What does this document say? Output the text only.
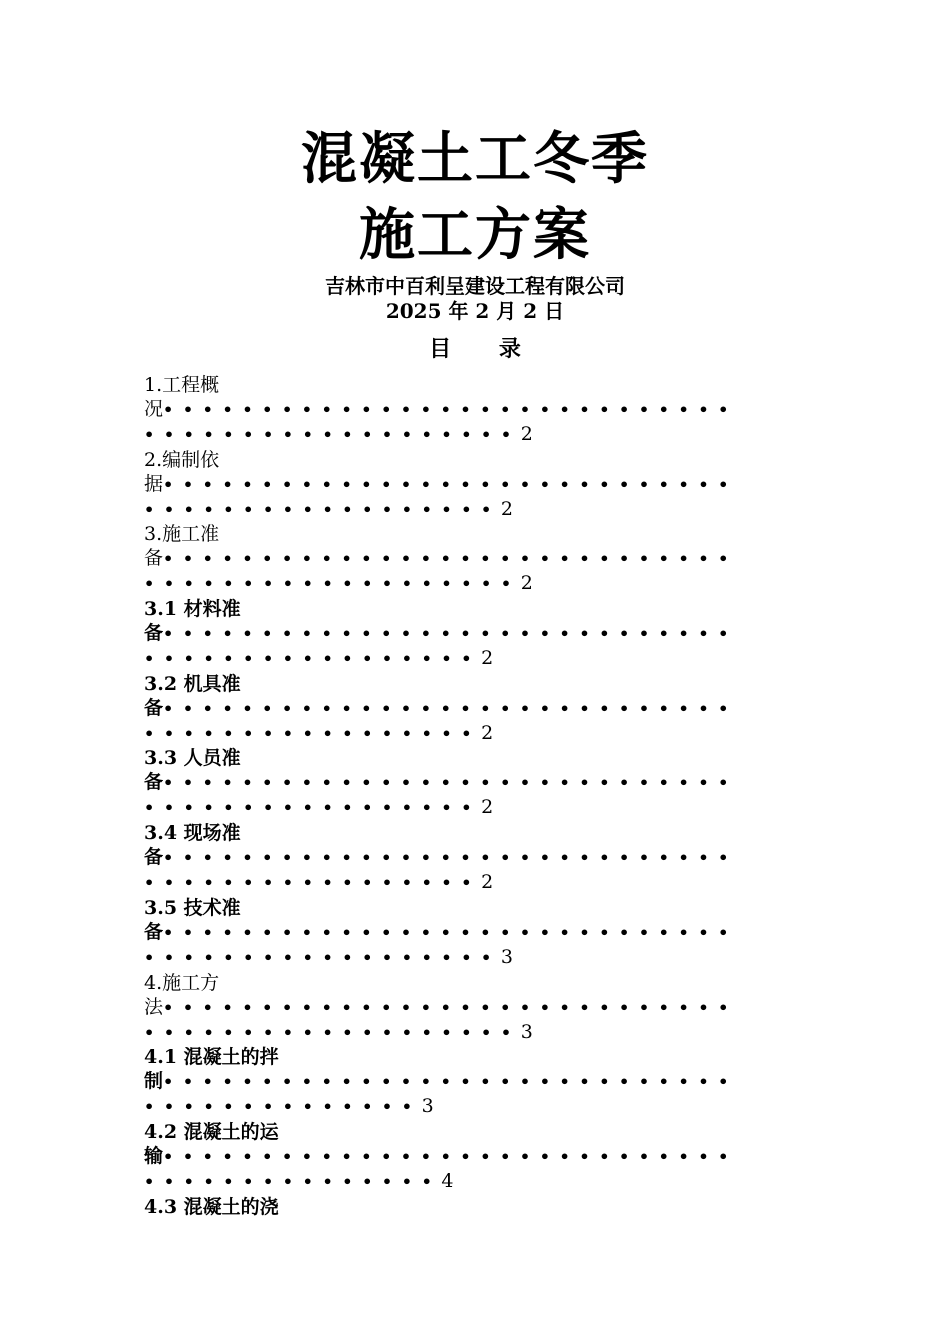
混凝土工冬季
施工方案
吉林市中百利呈建设工程有限公司
2025 年 2 月 2 日
目 录
1.工程概
况•••••••••••••••••••••••••••••
•••••••••••••••••••2
2.编制依
据•••••••••••••••••••••••••••••
••••••••••••••••••2
3.施工准
备•••••••••••••••••••••••••••••
•••••••••••••••••••2
3.1 材料准
备•••••••••••••••••••••••••••••
•••••••••••••••••2
3.2 机具准
备•••••••••••••••••••••••••••••
•••••••••••••••••2
3.3 人员准
备•••••••••••••••••••••••••••••
•••••••••••••••••2
3.4 现场准
备•••••••••••••••••••••••••••••
•••••••••••••••••2
3.5 技术准
备•••••••••••••••••••••••••••••
••••••••••••••••••3
4.施工方
法•••••••••••••••••••••••••••••
•••••••••••••••••••3
4.1 混凝土的拌
制•••••••••••••••••••••••••••••
••••••••••••••3
4.2 混凝土的运
输•••••••••••••••••••••••••••••
•••••••••••••••4
4.3 混凝土的浇
